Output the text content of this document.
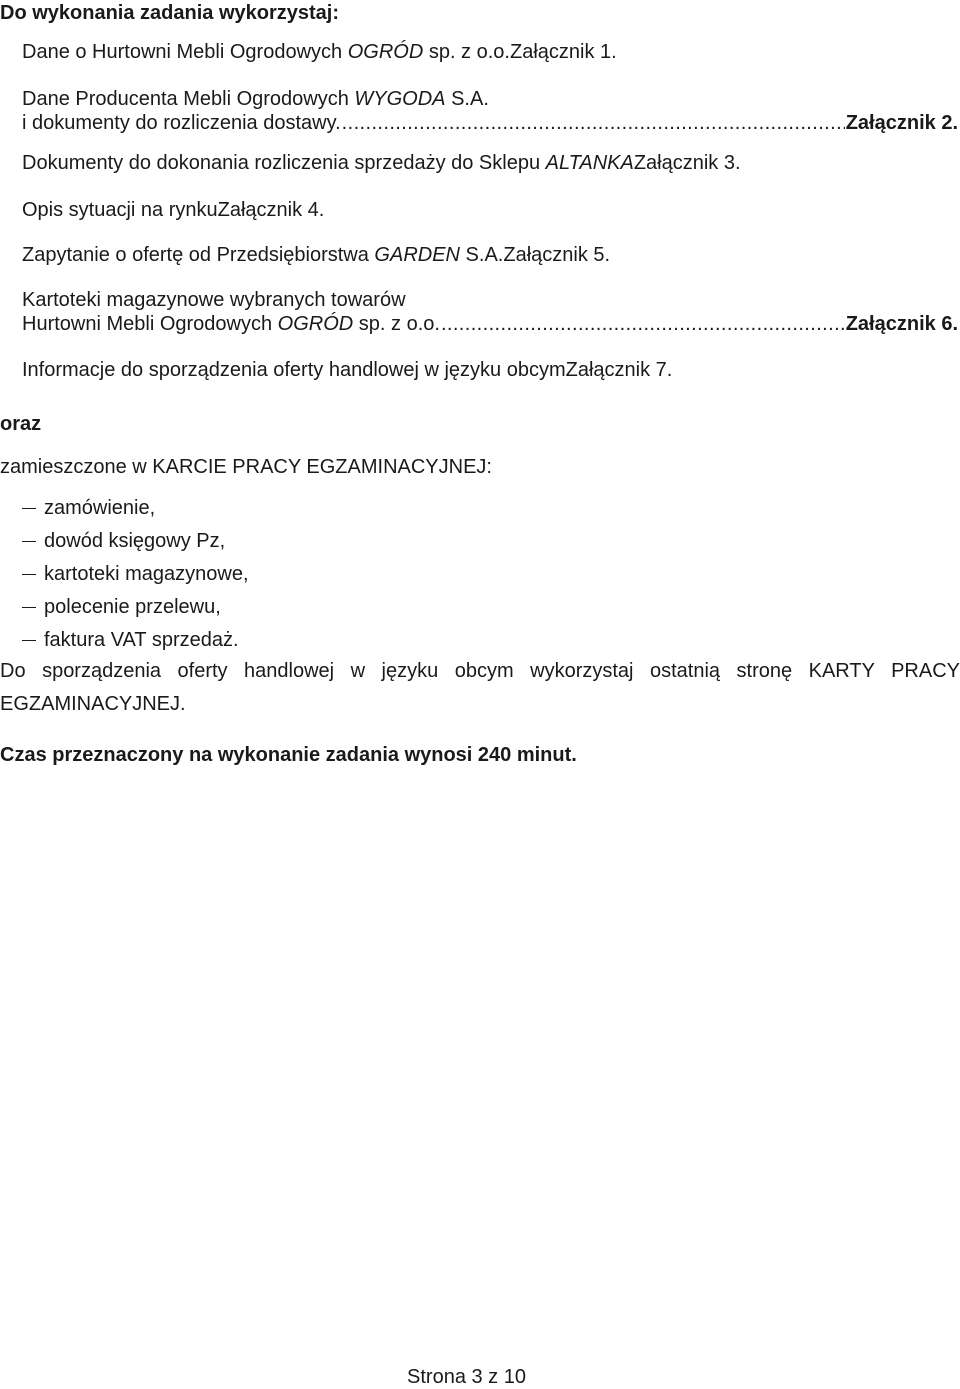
Do wykonania zadania wykorzystaj:
Dane o Hurtowni Mebli Ogrodowych OGRÓD sp. z o.o. Załącznik 1.
Dane Producenta Mebli Ogrodowych WYGODA S.A.
i dokumenty do rozliczenia dostawy. .....	Załącznik 2.
Dokumenty do dokonania rozliczenia sprzedaży do Sklepu ALTANKA Załącznik 3.
Opis sytuacji na rynku Załącznik 4.
Zapytanie o ofertę od Przedsiębiorstwa GARDEN S.A. Załącznik 5.
Kartoteki magazynowe wybranych towarów
Hurtowni Mebli Ogrodowych OGRÓD sp. z o.o. .....	Załącznik 6.
Informacje do sporządzenia oferty handlowej w języku obcym Załącznik 7.

oraz

zamieszczone w KARCIE PRACY EGZAMINACYJNEJ:

zamówienie,
dowód księgowy Pz,
kartoteki magazynowe,
polecenie przelewu,
faktura VAT sprzedaż.

Do sporządzenia oferty handlowej w języku obcym wykorzystaj ostatnią stronę KARTY PRACY EGZAMINACYJNEJ.

Czas przeznaczony na wykonanie zadania wynosi 240 minut.

Strona 3 z 10
